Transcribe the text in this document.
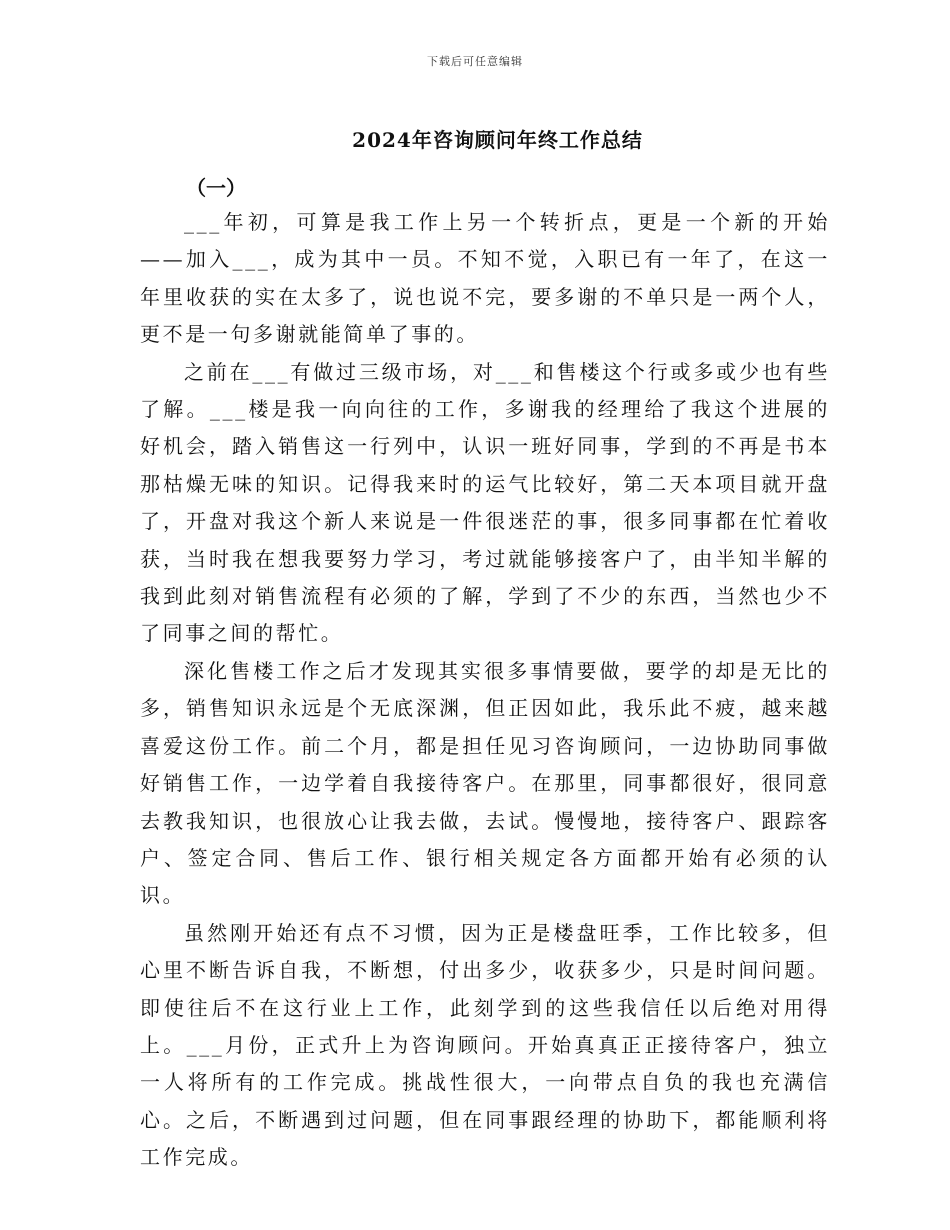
下载后可任意编辑
2024年咨询顾问年终工作总结
（一）

___年初，可算是我工作上另一个转折点，更是一个新的开始——加入___，成为其中一员。不知不觉，入职已有一年了，在这一年里收获的实在太多了，说也说不完，要多谢的不单只是一两个人，更不是一句多谢就能简单了事的。

之前在___有做过三级市场，对___和售楼这个行或多或少也有些了解。___楼是我一向向往的工作，多谢我的经理给了我这个进展的好机会，踏入销售这一行列中，认识一班好同事，学到的不再是书本那枯燥无味的知识。记得我来时的运气比较好，第二天本项目就开盘了，开盘对我这个新人来说是一件很迷茫的事，很多同事都在忙着收获，当时我在想我要努力学习，考过就能够接客户了，由半知半解的我到此刻对销售流程有必须的了解，学到了不少的东西，当然也少不了同事之间的帮忙。

深化售楼工作之后才发现其实很多事情要做，要学的却是无比的多，销售知识永远是个无底深渊，但正因如此，我乐此不疲，越来越喜爱这份工作。前二个月，都是担任见习咨询顾问，一边协助同事做好销售工作，一边学着自我接待客户。在那里，同事都很好，很同意去教我知识，也很放心让我去做，去试。慢慢地，接待客户、跟踪客户、签定合同、售后工作、银行相关规定各方面都开始有必须的认识。

虽然刚开始还有点不习惯，因为正是楼盘旺季，工作比较多，但心里不断告诉自我，不断想，付出多少，收获多少，只是时间问题。即使往后不在这行业上工作，此刻学到的这些我信任以后绝对用得上。___月份，正式升上为咨询顾问。开始真真正正接待客户，独立一人将所有的工作完成。挑战性很大，一向带点自负的我也充满信心。之后，不断遇到过问题，但在同事跟经理的协助下，都能顺利将工作完成。
